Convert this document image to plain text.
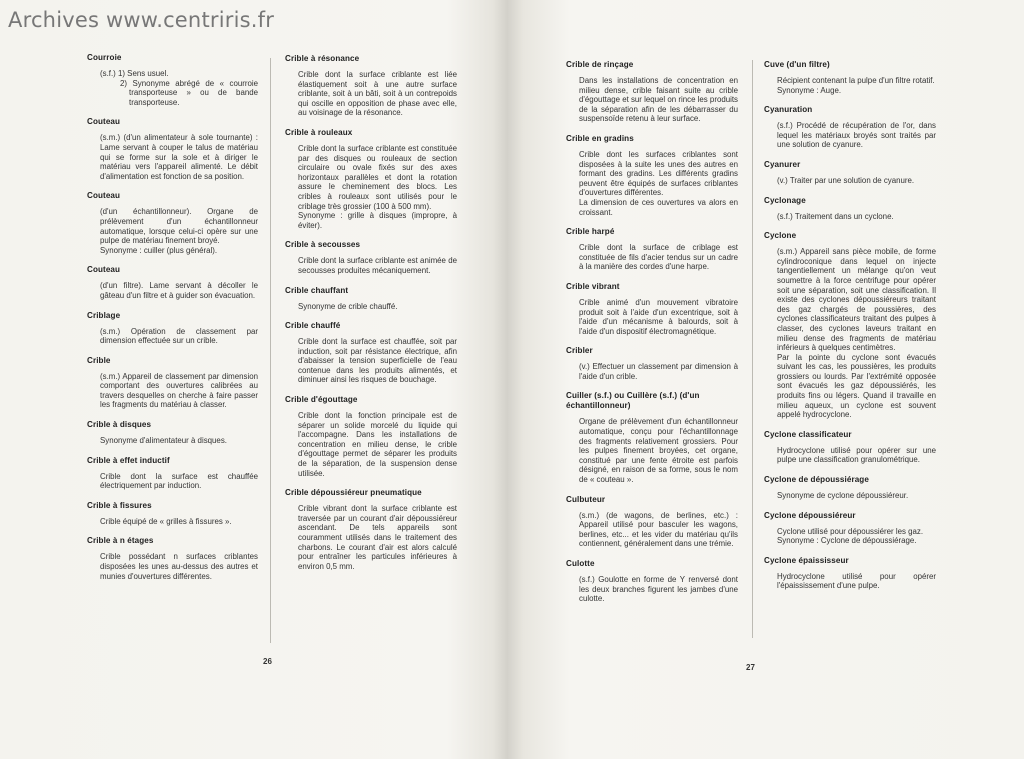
Archives www.centriris.fr
Courroie
(s.f.) 1) Sens usuel.
2) Synonyme abrégé de « courroie transporteuse » ou de bande transporteuse.
Couteau
(s.m.) (d'un alimentateur à sole tournante) : Lame servant à couper le talus de matériau qui se forme sur la sole et à diriger le matériau vers l'appareil alimenté. Le débit d'alimentation est fonction de sa position.
Couteau
(d'un échantillonneur). Organe de prélèvement d'un échantillonneur automatique, lorsque celui-ci opère sur une pulpe de matériau finement broyé.
Synonyme : cuiller (plus général).
Couteau
(d'un filtre). Lame servant à décoller le gâteau d'un filtre et à guider son évacuation.
Criblage
(s.m.) Opération de classement par dimension effectuée sur un crible.
Crible
(s.m.) Appareil de classement par dimension comportant des ouvertures calibrées au travers desquelles on cherche à faire passer les fragments du matériau à classer.
Crible à disques
Synonyme d'alimentateur à disques.
Crible à effet inductif
Crible dont la surface est chauffée électriquement par induction.
Crible à fissures
Crible équipé de « grilles à fissures ».
Crible à n étages
Crible possédant n surfaces criblantes disposées les unes au-dessus des autres et munies d'ouvertures différentes.
Crible à résonance
Crible dont la surface criblante est liée élastiquement soit à une autre surface criblante, soit à un bâti, soit à un contrepoids qui oscille en opposition de phase avec elle, au voisinage de la résonance.
Crible à rouleaux
Crible dont la surface criblante est constituée par des disques ou rouleaux de section circulaire ou ovale fixés sur des axes horizontaux parallèles et dont la rotation assure le cheminement des blocs. Les cribles à rouleaux sont utilisés pour le criblage très grossier (100 à 500 mm).
Synonyme : grille à disques (impropre, à éviter).
Crible à secousses
Crible dont la surface criblante est animée de secousses produites mécaniquement.
Crible chauffant
Synonyme de crible chauffé.
Crible chauffé
Crible dont la surface est chauffée, soit par induction, soit par résistance électrique, afin d'abaisser la tension superficielle de l'eau contenue dans les produits alimentés, et diminuer ainsi les risques de bouchage.
Crible d'égouttage
Crible dont la fonction principale est de séparer un solide morcelé du liquide qui l'accompagne. Dans les installations de concentration en milieu dense, le crible d'égouttage permet de séparer les produits de la séparation, de la suspension dense utilisée.
Crible dépoussiéreur pneumatique
Crible vibrant dont la surface criblante est traversée par un courant d'air dépoussiéreur ascendant. De tels appareils sont couramment utilisés dans le traitement des charbons. Le courant d'air est alors calculé pour entraîner les particules inférieures à environ 0,5 mm.
Crible de rinçage
Dans les installations de concentration en milieu dense, crible faisant suite au crible d'égouttage et sur lequel on rince les produits de la séparation afin de les débarrasser du suspensoïde retenu à leur surface.
Crible en gradins
Crible dont les surfaces criblantes sont disposées à la suite les unes des autres en formant des gradins. Les différents gradins peuvent être équipés de surfaces criblantes d'ouvertures différentes.
La dimension de ces ouvertures va alors en croissant.
Crible harpé
Crible dont la surface de criblage est constituée de fils d'acier tendus sur un cadre à la manière des cordes d'une harpe.
Crible vibrant
Crible animé d'un mouvement vibratoire produit soit à l'aide d'un excentrique, soit à l'aide d'un mécanisme à balourds, soit à l'aide d'un dispositif électromagnétique.
Cribler
(v.) Effectuer un classement par dimension à l'aide d'un crible.
Cuiller (s.f.) ou Cuillère (s.f.) (d'un échantillonneur)
Organe de prélèvement d'un échantillonneur automatique, conçu pour l'échantillonnage des fragments relativement grossiers. Pour les pulpes finement broyées, cet organe, constitué par une fente étroite est parfois désigné, en raison de sa forme, sous le nom de « couteau ».
Culbuteur
(s.m.) (de wagons, de berlines, etc.) : Appareil utilisé pour basculer les wagons, berlines, etc... et les vider du matériau qu'ils contiennent, généralement dans une trémie.
Culotte
(s.f.) Goulotte en forme de Y renversé dont les deux branches figurent les jambes d'une culotte.
Cuve (d'un filtre)
Récipient contenant la pulpe d'un filtre rotatif.
Synonyme : Auge.
Cyanuration
(s.f.) Procédé de récupération de l'or, dans lequel les matériaux broyés sont traités par une solution de cyanure.
Cyanurer
(v.) Traiter par une solution de cyanure.
Cyclonage
(s.f.) Traitement dans un cyclone.
Cyclone
(s.m.) Appareil sans pièce mobile, de forme cylindroconique dans lequel on injecte tangentiellement un mélange qu'on veut soumettre à la force centrifuge pour opérer soit une séparation, soit une classification. Il existe des cyclones dépoussiéreurs traitant des gaz chargés de poussières, des cyclones classificateurs traitant des pulpes à classer, des cyclones laveurs traitant en milieu dense des fragments de matériau inférieurs à quelques centimètres.
Par la pointe du cyclone sont évacués suivant les cas, les poussières, les produits grossiers ou lourds. Par l'extrémité opposée sont évacués les gaz dépoussiérés, les produits fins ou légers. Quand il travaille en milieu aqueux, un cyclone est souvent appelé hydrocyclone.
Cyclone classificateur
Hydrocyclone utilisé pour opérer sur une pulpe une classification granulométrique.
Cyclone de dépoussiérage
Synonyme de cyclone dépoussiéreur.
Cyclone dépoussiéreur
Cyclone utilisé pour dépoussiérer les gaz.
Synonyme : Cyclone de dépoussiérage.
Cyclone épaississeur
Hydrocyclone utilisé pour opérer l'épaississement d'une pulpe.
26
27
